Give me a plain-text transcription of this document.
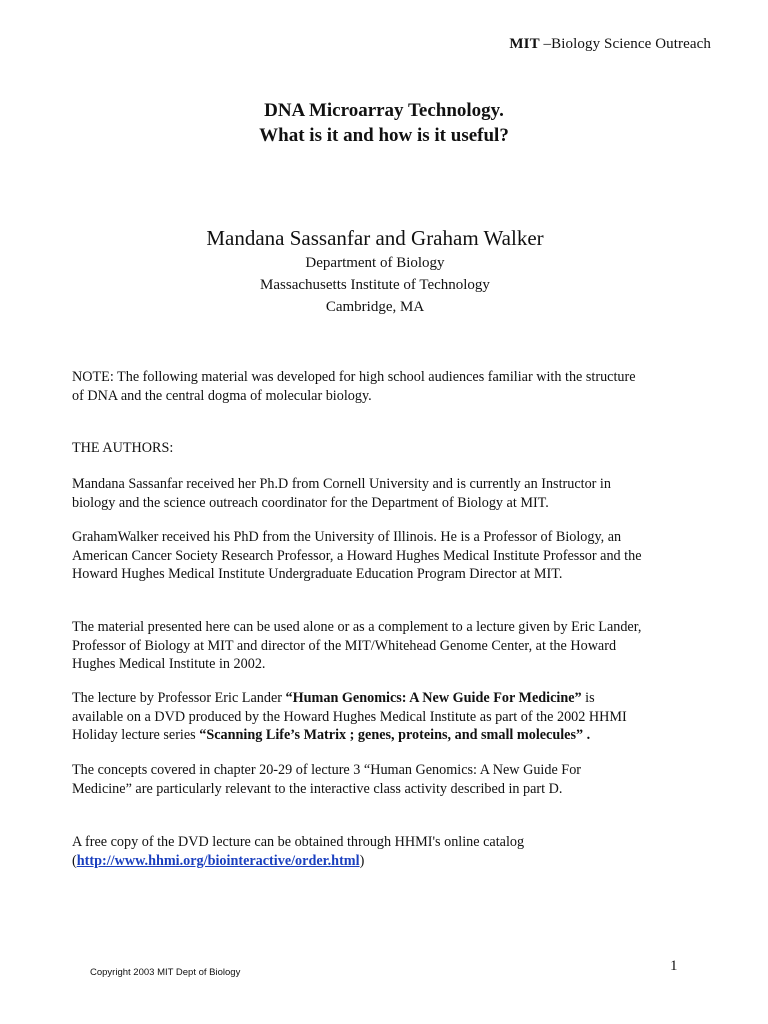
MIT –Biology Science Outreach
DNA Microarray Technology.
What is it and how is it useful?
Mandana Sassanfar and Graham Walker
Department of Biology
Massachusetts Institute of Technology
Cambridge, MA
NOTE: The following material was developed for high school audiences familiar with the structure
of DNA and the central dogma of molecular biology.
THE AUTHORS:
Mandana Sassanfar received her Ph.D from Cornell University and is currently an Instructor in
biology and the science outreach coordinator for the Department of Biology at MIT.
GrahamWalker received his PhD from the University of Illinois. He is a Professor of Biology, an
American Cancer Society Research Professor, a Howard Hughes Medical Institute Professor and the
Howard Hughes Medical Institute Undergraduate Education Program Director at MIT.
The material presented here can be used alone or as a complement to a lecture given by Eric Lander,
Professor of Biology at MIT and director of the MIT/Whitehead Genome Center, at the Howard
Hughes Medical Institute in 2002.
The lecture by Professor Eric Lander “Human Genomics: A New Guide For Medicine” is
available on a DVD produced by the Howard Hughes Medical Institute as part of the 2002 HHMI
Holiday lecture series “Scanning Life’s Matrix ; genes, proteins, and small molecules” .
The concepts covered in chapter 20-29 of lecture 3 “Human Genomics: A New Guide For
Medicine” are particularly relevant to the interactive class activity described in part D.
A free copy of the DVD lecture can be obtained through HHMI's online catalog
(http://www.hhmi.org/biointeractive/order.html)
Copyright 2003 MIT Dept of Biology	1
